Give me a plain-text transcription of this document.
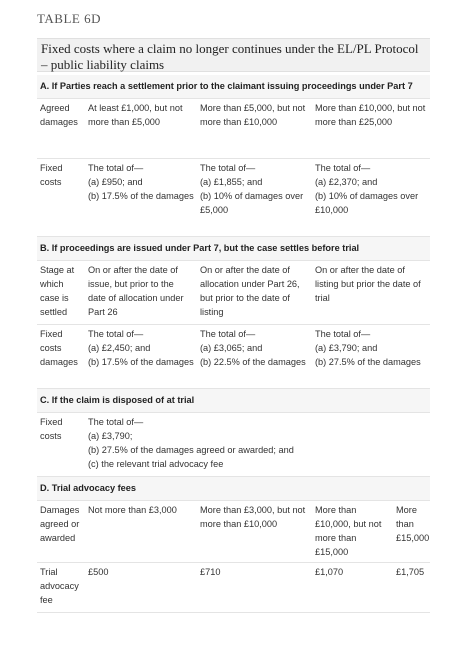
TABLE 6D
Fixed costs where a claim no longer continues under the EL/PL Protocol – public liability claims
A. If Parties reach a settlement prior to the claimant issuing proceedings under Part 7				
Agreed damages	At least £1,000, but not more than £5,000	More than £5,000, but not more than £10,000	More than £10,000, but not more than £25,000	
Fixed costs	The total of—
(a) £950; and
(b) 17.5% of the damages	The total of—
(a) £1,855; and
(b) 10% of damages over £5,000	The total of—
(a) £2,370; and
(b) 10% of damages over £10,000	
B. If proceedings are issued under Part 7, but the case settles before trial				
Stage at which case is settled	On or after the date of issue, but prior to the date of allocation under Part 26	On or after the date of allocation under Part 26, but prior to the date of listing	On or after the date of listing but prior the date of trial	
Fixed costs damages	The total of—
(a) £2,450; and
(b) 17.5% of the damages	The total of—
(a) £3,065; and
(b) 22.5% of the damages	The total of—
(a) £3,790; and
(b) 27.5% of the damages	
C. If the claim is disposed of at trial				
Fixed costs	The total of—
(a) £3,790;
(b) 27.5% of the damages agreed or awarded; and
(c) the relevant trial advocacy fee			
D. Trial advocacy fees				
Damages agreed or awarded	Not more than £3,000	More than £3,000, but not more than £10,000	More than £10,000, but not more than £15,000	More than £15,000
Trial advocacy fee	£500	£710	£1,070	£1,705
